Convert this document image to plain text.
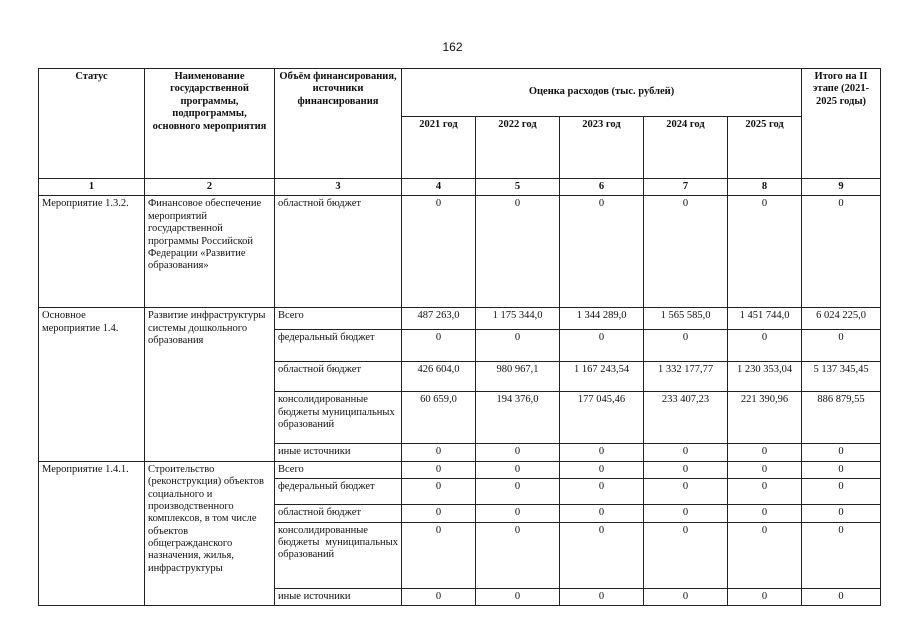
162
Статус	Наименование государственной программы, подпрограммы, основного мероприятия	Объём финансирования, источники финансирования	Оценка расходов (тыс. рублей)					Итого на II этапе (2021-2025 годы)
			2021 год	2022 год	2023 год	2024 год	2025 год	
1	2	3	4	5	6	7	8	9
Мероприятие 1.3.2.	Финансовое обеспечение мероприятий государственной программы Российской Федерации «Развитие образования»	областной бюджет	0	0	0	0	0	0
Основное мероприятие 1.4.	Развитие инфраструктуры системы дошкольного образования	Всего	487 263,0	1 175 344,0	1 344 289,0	1 565 585,0	1 451 744,0	6 024 225,0
		федеральный бюджет	0	0	0	0	0	0
		областной бюджет	426 604,0	980 967,1	1 167 243,54	1 332 177,77	1 230 353,04	5 137 345,45
		консолидированные бюджеты муниципальных образований	60 659,0	194 376,0	177 045,46	233 407,23	221 390,96	886 879,55
		иные источники	0	0	0	0	0	0
Мероприятие 1.4.1.	Строительство (реконструкция) объектов социального и производственного комплексов, в том числе объектов общегражданского назначения, жилья, инфраструктуры	Всего	0	0	0	0	0	0
		федеральный бюджет	0	0	0	0	0	0
		областной бюджет	0	0	0	0	0	0
		консолидированные бюджеты муниципальных образований	0	0	0	0	0	0
		иные источники	0	0	0	0	0	0
